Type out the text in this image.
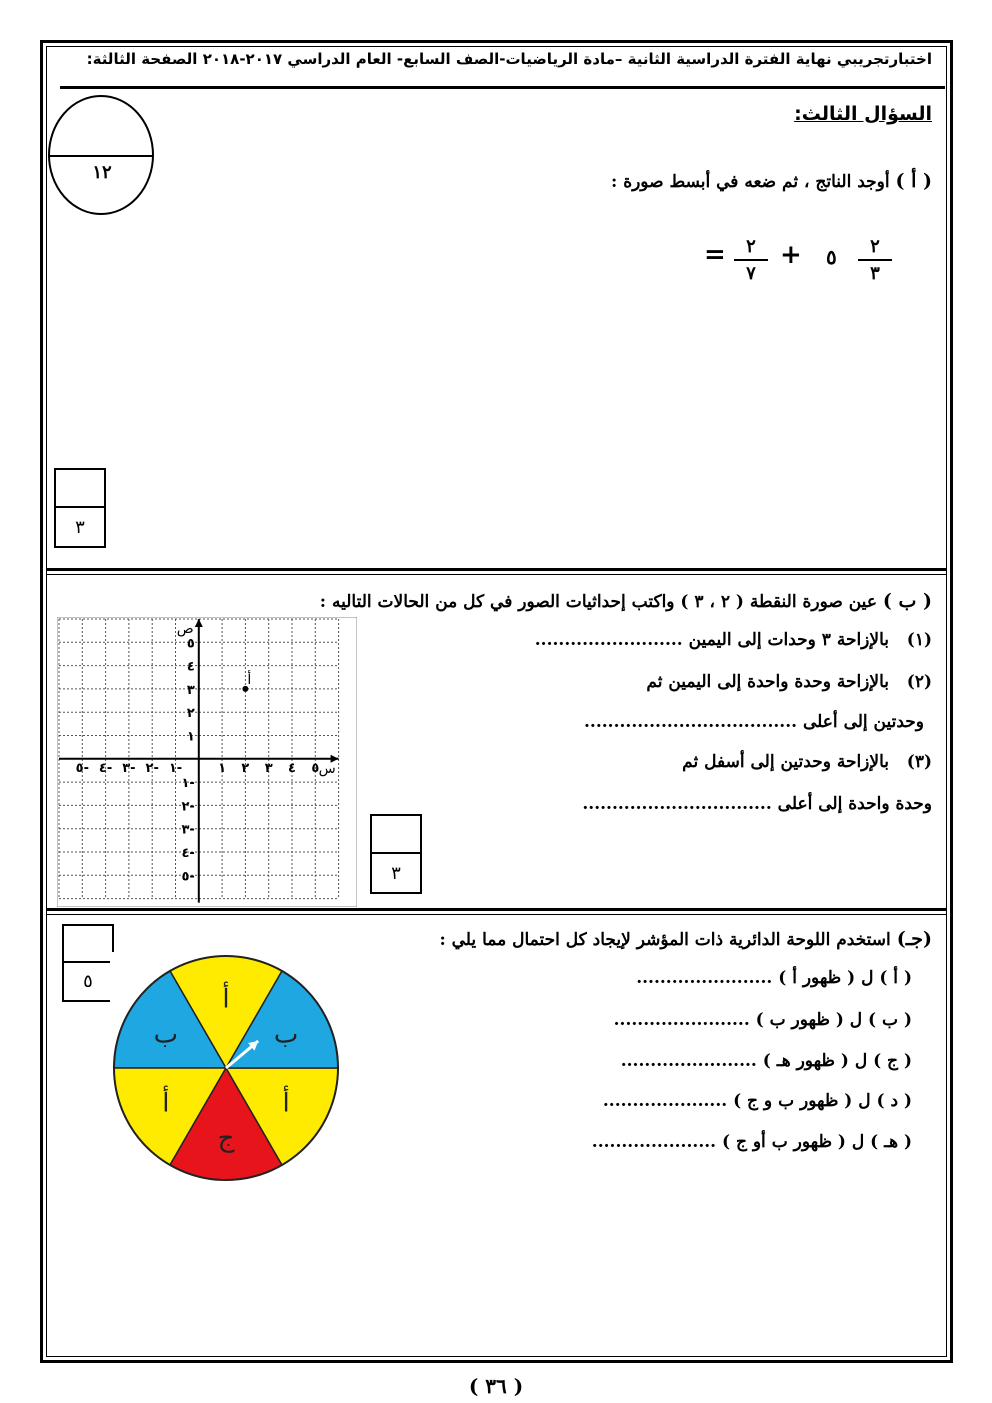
اختبارتجريبي نهاية الفترة الدراسية الثانية –مادة الرياضيات-الصف السابع- العام الدراسي ٢٠١٧-٢٠١٨ الصفحة الثالثة:
١٢
السؤال الثالث:
( أ ) أوجد الناتج ، ثم ضعه في أبسط صورة :
٢
٣
٥
+
٢
٧
=
٣
( ب ) عين صورة النقطة ( ٢ ، ٣ ) واكتب إحداثيات الصور في كل من الحالات التاليه :
(١)   بالإزاحة ٣ وحدات إلى اليمين .........................
(٢)   بالإزاحة وحدة واحدة إلى اليمين ثم
وحدتين إلى أعلى ....................................
(٣)   بالإزاحة وحدتين إلى أسفل ثم
وحدة واحدة إلى أعلى ................................
ص
س
٥- ٤- ٣- ٢- ١-	١ ٢ ٣ ٤ ٥
٥
٤
٣
٢
١
١-
٢-
٣-
٤-
٥-
أ
٣
(جـ) استخدم اللوحة الدائرية ذات المؤشر لإيجاد كل احتمال مما يلي :
( أ ) ل ( ظهور أ ) .......................
( ب ) ل ( ظهور ب ) .......................
( ج ) ل ( ظهور هـ ) .......................
( د ) ل ( ظهور ب و ج ) .....................
( هـ ) ل ( ظهور ب أو ج ) .....................
٥
أ
ب
أ
ج
أ
ب
( ٣٦ )
